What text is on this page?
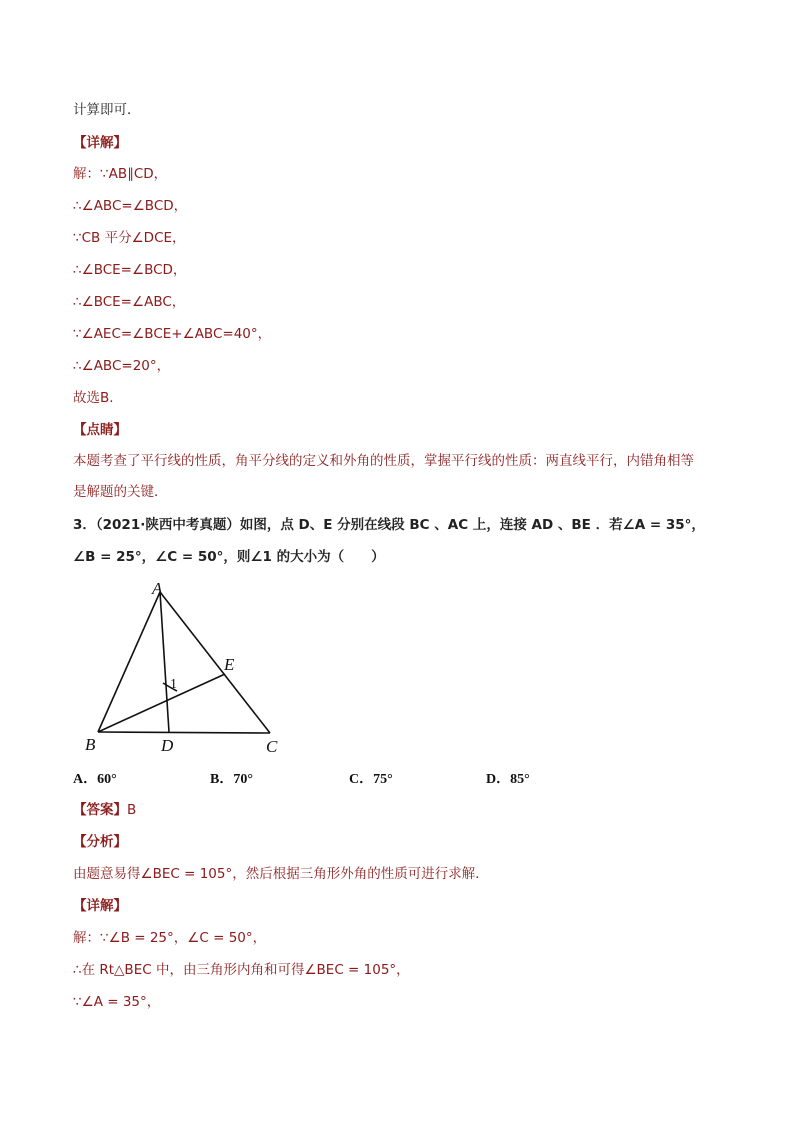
计算即可．
【详解】
解：∵AB∥CD，
∴∠ABC=∠BCD，
∵CB 平分∠DCE，
∴∠BCE=∠BCD，
∴∠BCE=∠ABC，
∵∠AEC=∠BCE+∠ABC=40°，
∴∠ABC=20°，
故选B．
【点睛】
本题考查了平行线的性质，角平分线的定义和外角的性质，掌握平行线的性质：两直线平行，内错角相等
是解题的关键．
3．（2021·陕西中考真题）如图，点 D、E 分别在线段 BC 、AC 上，连接 AD 、BE ．若∠A = 35°，
∠B = 25°，∠C = 50°，则∠1 的大小为（　　）
A
B	C
D
E
1
A．60°	B．70°	C．75°	D．85°
【答案】B
【分析】
由题意易得∠BEC = 105°，然后根据三角形外角的性质可进行求解．
【详解】
解：∵∠B = 25°，∠C = 50°，
∴在 Rt△BEC 中，由三角形内角和可得∠BEC = 105°，
∵∠A = 35°，
